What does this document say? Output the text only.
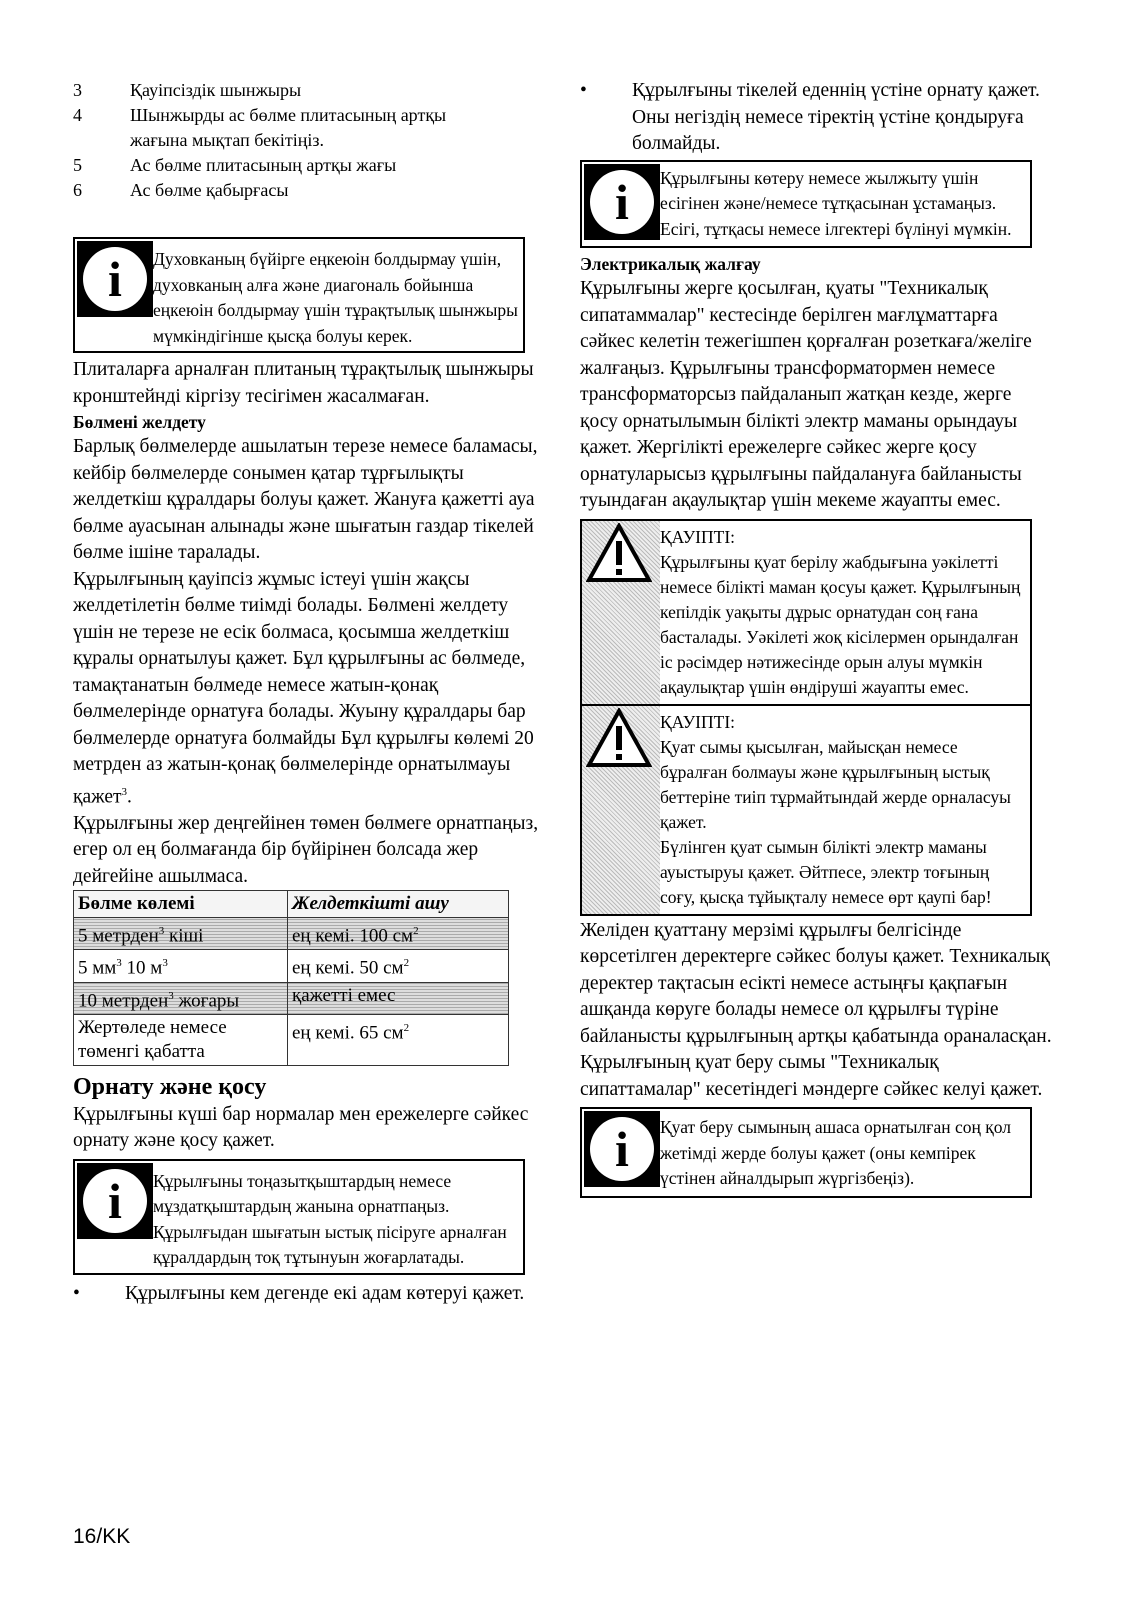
3	Қауіпсіздік шынжыры
4	Шынжырды ас бөлме плитасының артқы жағына мықтап бекітіңіз.
5	Ас бөлме плитасының артқы жағы
6	Ас бөлме қабырғасы
i Духовканың бүйірге еңкеюін болдырмау үшін, духовканың алға және диагональ бойынша еңкеюін болдырмау үшін тұрақтылық шынжыры мүмкіндігінше қысқа болуы керек.

Плиталарға арналған плитаның тұрақтылық шынжыры кронштейнді кіргізу тесігімен жасалмаған.

Бөлмені желдету

Барлық бөлмелерде ашылатын терезе немесе баламасы, кейбір бөлмелерде сонымен қатар тұрғылықты желдеткіш құралдары болуы қажет. Жануға қажетті ауа бөлме ауасынан алынады және шығатын газдар тікелей бөлме ішіне таралады.

Құрылғының қауіпсіз жұмыс істеуі үшін жақсы желдетілетін бөлме тиімді болады. Бөлмені желдету үшін не терезе не есік болмаса, қосымша желдеткіш құралы орнатылуы қажет. Бұл құрылғыны ас бөлмеде, тамақтанатын бөлмеде немесе жатын-қонақ бөлмелерінде орнатуға болады. Жуыну құралдары бар бөлмелерде орнатуға болмайды Бұл құрылғы көлемі 20 метрден аз жатын-қонақ бөлмелерінде орнатылмауы қажет$^3$.

Құрылғыны жер деңгейінен төмен бөлмеге орнатпаңыз, егер ол ең болмағанда бір бүйірінен болсада жер дейгейіне ашылмаса.

Бөлме көлемі	Желдеткішті ашу
5 метрден$^3$ кіші	ең кемі. 100 $см^2$
5 $мм^3$ 10 $м^3$	ең кемі. 50 $см^2$
10 метрден$^3$ жоғары	қажетті емес
Жертөледе немесе төменгі қабатта	ең кемі. 65 $см^2$

Орнату және қосу

Құрылғыны күші бар нормалар мен ережелерге сәйкес орнату және қосу қажет.

i Құрылғыны тоңазытқыштардың немесе мұздатқыштардың жанына орнатпаңыз. Құрылғыдан шығатын ыстық пісіруге арналған құралдардың тоқ тұтынуын жоғарлатады.
•	Құрылғыны кем дегенде екі адам көтеруі қажет.
•	Құрылғыны тікелей еденнің үстіне орнату қажет. Оны негіздің немесе тіректің үстіне қондыруға болмайды.
i Құрылғыны көтеру немесе жылжыту үшін есігінен және/немесе тұтқасынан ұстамаңыз. Есігі, тұтқасы немесе ілгектері бүлінуі мүмкін.

Электрикалық жалғау

Құрылғыны жерге қосылған, қуаты "Техникалық сипатаммалар" кестесінде берілген мағлұматтарға сәйкес келетін тежегішпен қорғалған розеткаға/желіге жалғаңыз. Құрылғыны трансформатормен немесе трансформаторсыз пайдаланып жатқан кезде, жерге қосу орнатылымын білікті электр маманы орындауы қажет. Жергілікті ережелерге сәйкес жерге қосу орнатуларысыз құрылғыны пайдалануға байланысты туындаған ақаулықтар үшін мекеме жауапты емес.

ҚАУІПТІ:
Құрылғыны қуат берілу жабдығына уәкілетті немесе білікті маман қосуы қажет. Құрылғының кепілдік уақыты дұрыс орнатудан соң ғана басталады. Уәкілеті жоқ кісілермен орындалған іс рәсімдер нәтижесінде орын алуы мүмкін ақаулықтар үшін өндіруші жауапты емес.
ҚАУІПТІ:
Қуат сымы қысылған, майысқан немесе бұралған болмауы және құрылғының ыстық беттеріне тиіп тұрмайтындай жерде орналасуы қажет.
Бүлінген қуат сымын білікті электр маманы ауыстыруы қажет. Әйтпесе, электр тоғының соғу, қысқа тұйықталу немесе өрт қаупі бар!

Желіден қуаттану мерзімі құрылғы белгісінде көрсетілген деректерге сәйкес болуы қажет. Техникалық деректер тақтасын есікті немесе астыңғы қақпағын ашқанда көруге болады немесе ол құрылғы түріне байланысты құрылғының артқы қабатында ораналасқан.

Құрылғының қуат беру сымы "Техникалық сипаттамалар" кесетіндегі мәндерге сәйкес келуі қажет.

i Қуат беру сымының ашаса орнатылған соң қол жетімді жерде болуы қажет (оны кемпірек үстінен айналдырып жүргізбеңіз).
16/KK
